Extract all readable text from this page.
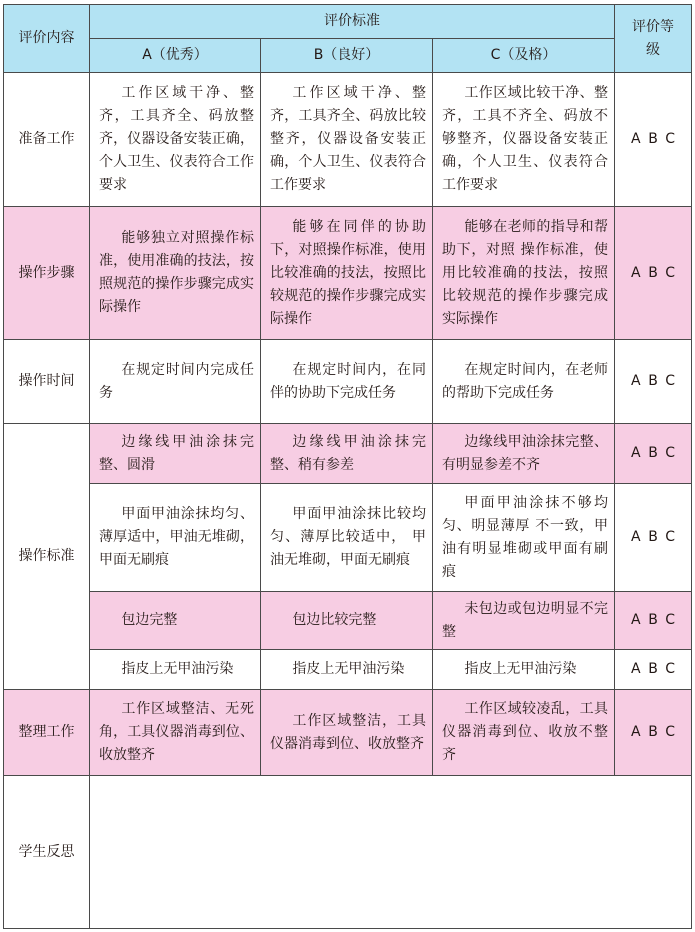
评价内容	评价标准			评价等级
	A（优秀）	B（良好）	C（及格）	
准备工作	工作区域干净、整齐，工具齐全、码放整齐，仪器设备安装正确，个人卫生、仪表符合工作要求	工作区域干净、整齐，工具齐全、码放比较整齐，仪器设备安装正确，个人卫生、仪表符合工作要求	工作区域比较干净、整齐，工具不齐全、码放不够整齐，仪器设备安装正确，个人卫生、仪表符合工作要求	ABC
操作步骤	能够独立对照操作标准，使用准确的技法，按照规范的操作步骤完成实际操作	能够在同伴的协助下，对照操作标准，使用比较准确的技法，按照比较规范的操作步骤完成实际操作	能够在老师的指导和帮助下，对照 操作标准，使用比较准确的技法，按照比较规范的操作步骤完成实际操作	ABC
操作时间	在规定时间内完成任务	在规定时间内，在同伴的协助下完成任务	在规定时间内，在老师的帮助下完成任务	ABC
操作标准	边缘线甲油涂抹完整、圆滑	边缘线甲油涂抹完整、稍有参差	边缘线甲油涂抹完整、有明显参差不齐	ABC
	甲面甲油涂抹均匀、薄厚适中，甲油无堆砌，甲面无刷痕	甲面甲油涂抹比较均匀、薄厚比较适中， 甲油无堆砌，甲面无刷痕	甲面甲油涂抹不够均匀、明显薄厚 不一致，甲油有明显堆砌或甲面有刷痕	ABC
	包边完整	包边比较完整	未包边或包边明显不完整	ABC
	指皮上无甲油污染	指皮上无甲油污染	指皮上无甲油污染	ABC
整理工作	工作区域整洁、无死角，工具仪器消毒到位、收放整齐	工作区域整洁，工具仪器消毒到位、收放整齐	工作区域较凌乱，工具仪器消毒到位、收放不整齐	ABC
学生反思				
